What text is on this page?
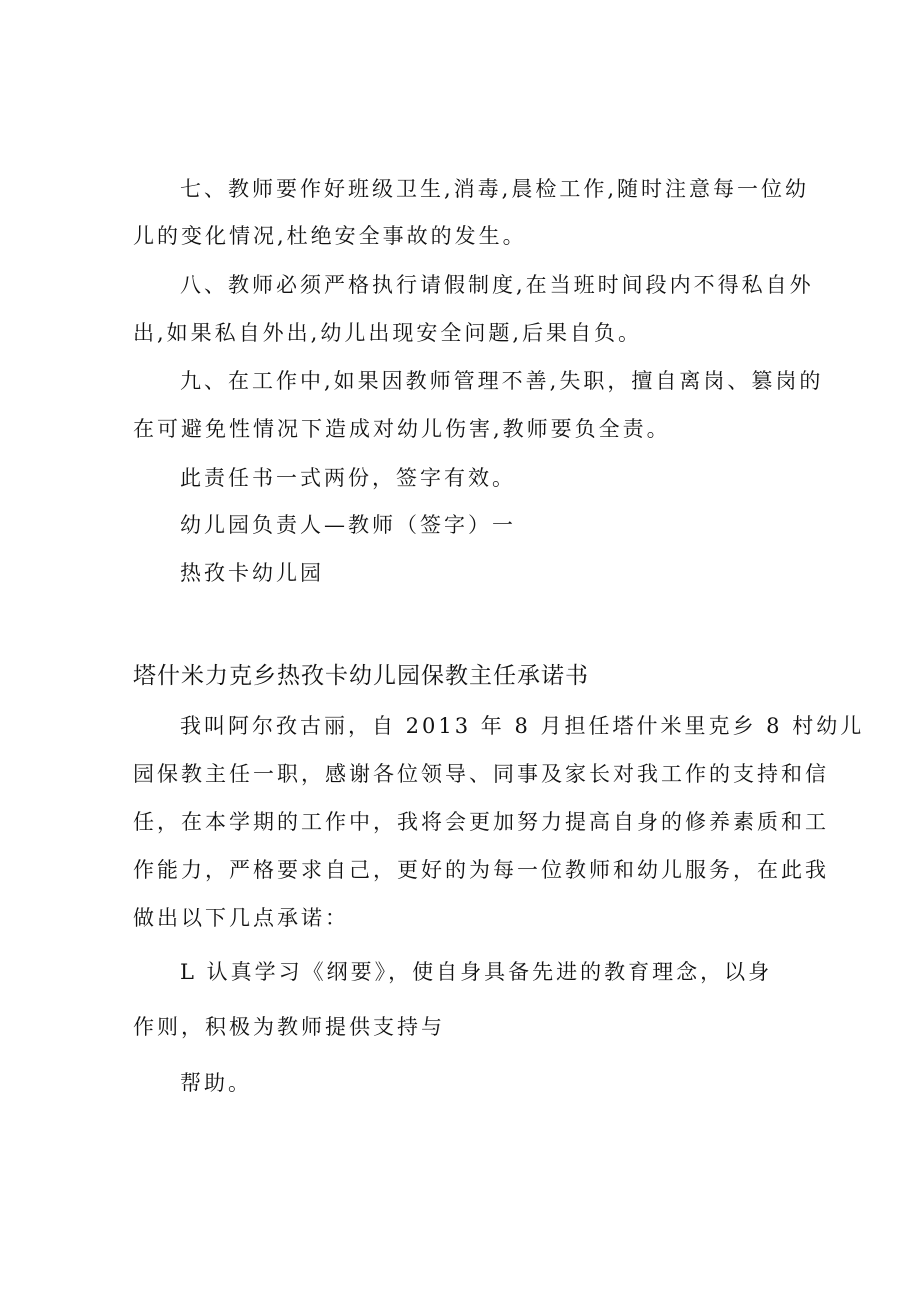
七、教师要作好班级卫生,消毒,晨检工作,随时注意每一位幼
儿的变化情况,杜绝安全事故的发生。
八、教师必须严格执行请假制度,在当班时间段内不得私自外
出,如果私自外出,幼儿出现安全问题,后果自负。
九、在工作中,如果因教师管理不善,失职，擅自离岗、篡岗的
在可避免性情况下造成对幼儿伤害,教师要负全责。
此责任书一式两份，签字有效。
幼儿园负责人—教师（签字）一
热孜卡幼儿园
塔什米力克乡热孜卡幼儿园保教主任承诺书
我叫阿尔孜古丽，自 2013 年 8 月担任塔什米里克乡 8 村幼儿
园保教主任一职，感谢各位领导、同事及家长对我工作的支持和信
任，在本学期的工作中，我将会更加努力提高自身的修养素质和工
作能力，严格要求自己，更好的为每一位教师和幼儿服务，在此我
做出以下几点承诺：
L 认真学习《纲要》，使自身具备先进的教育理念，以身
作则，积极为教师提供支持与
帮助。
